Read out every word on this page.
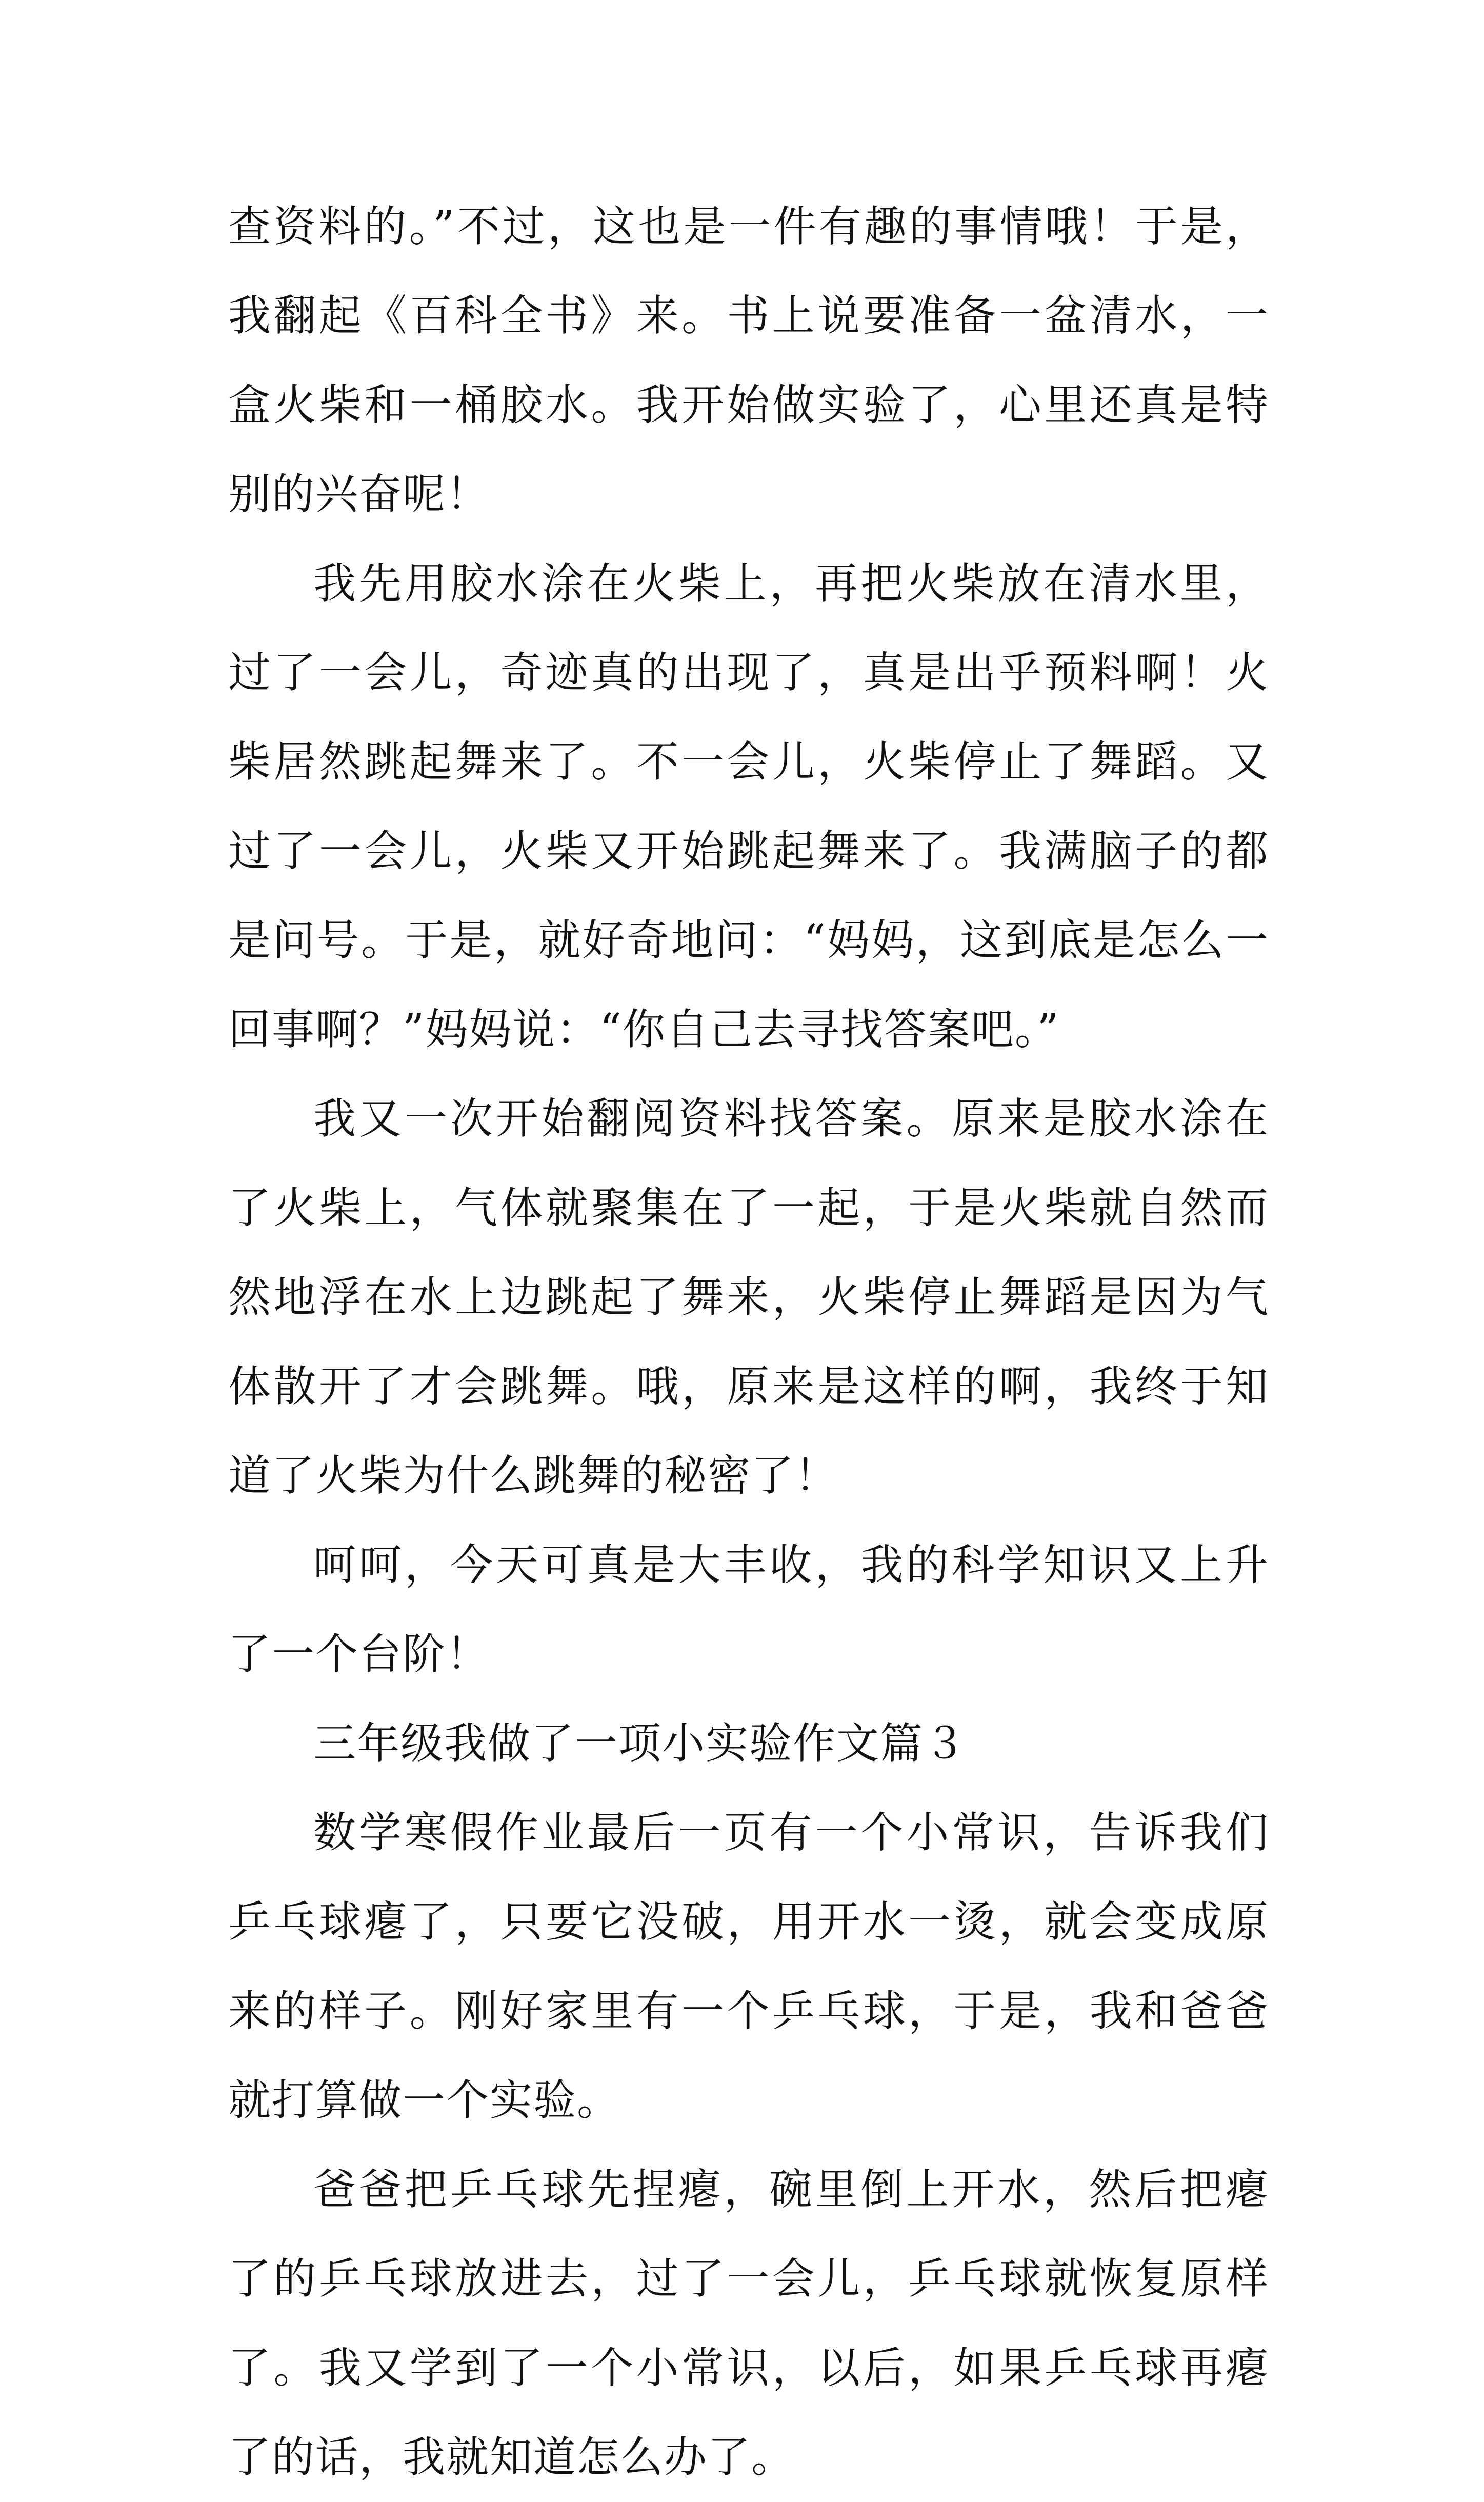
查资料的。”不过，这也是一件有趣的事情哦！于是，我翻起《百科全书》来。书上说要准备一盆清水，一盒火柴和一桶胶水。我开始做实验了，心里还真是特别的兴奋呢！

我先用胶水涂在火柴上，再把火柴放在清水里，过了一会儿，奇迹真的出现了，真是出乎预料啊！火柴居然跳起舞来了。不一会儿，火柴停止了舞蹈。又过了一会儿，火柴又开始跳起舞来了。我满脑子的都是问号。于是，就好奇地问：“妈妈，这到底是怎么一回事啊？”妈妈说：“你自己去寻找答案吧。”

我又一次开始翻阅资料找答案。原来是胶水涂在了火柴上，气体就聚集在了一起，于是火柴就自然而然地浮在水上边跳起了舞来，火柴停止舞蹈是因为气体散开了才会跳舞。哦，原来是这样的啊，我终于知道了火柴为什么跳舞的秘密了！

呵呵，今天可真是大丰收，我的科学知识又上升了一个台阶！

三年级我做了一项小实验作文篇３

数学寒假作业最后一页有一个小常识，告诉我们乒乓球瘪了，只要它没破，用开水一烫，就会变成原来的样子。刚好家里有一个乒乓球，于是，我和爸爸就打算做一个实验。

爸爸把乒乓球先捏瘪，碗里倒上开水，然后把瘪了的乒乓球放进去，过了一会儿，乒乓球就恢复原样了。我又学到了一个小常识，以后，如果乒乓球再瘪了的话，我就知道怎么办了。
